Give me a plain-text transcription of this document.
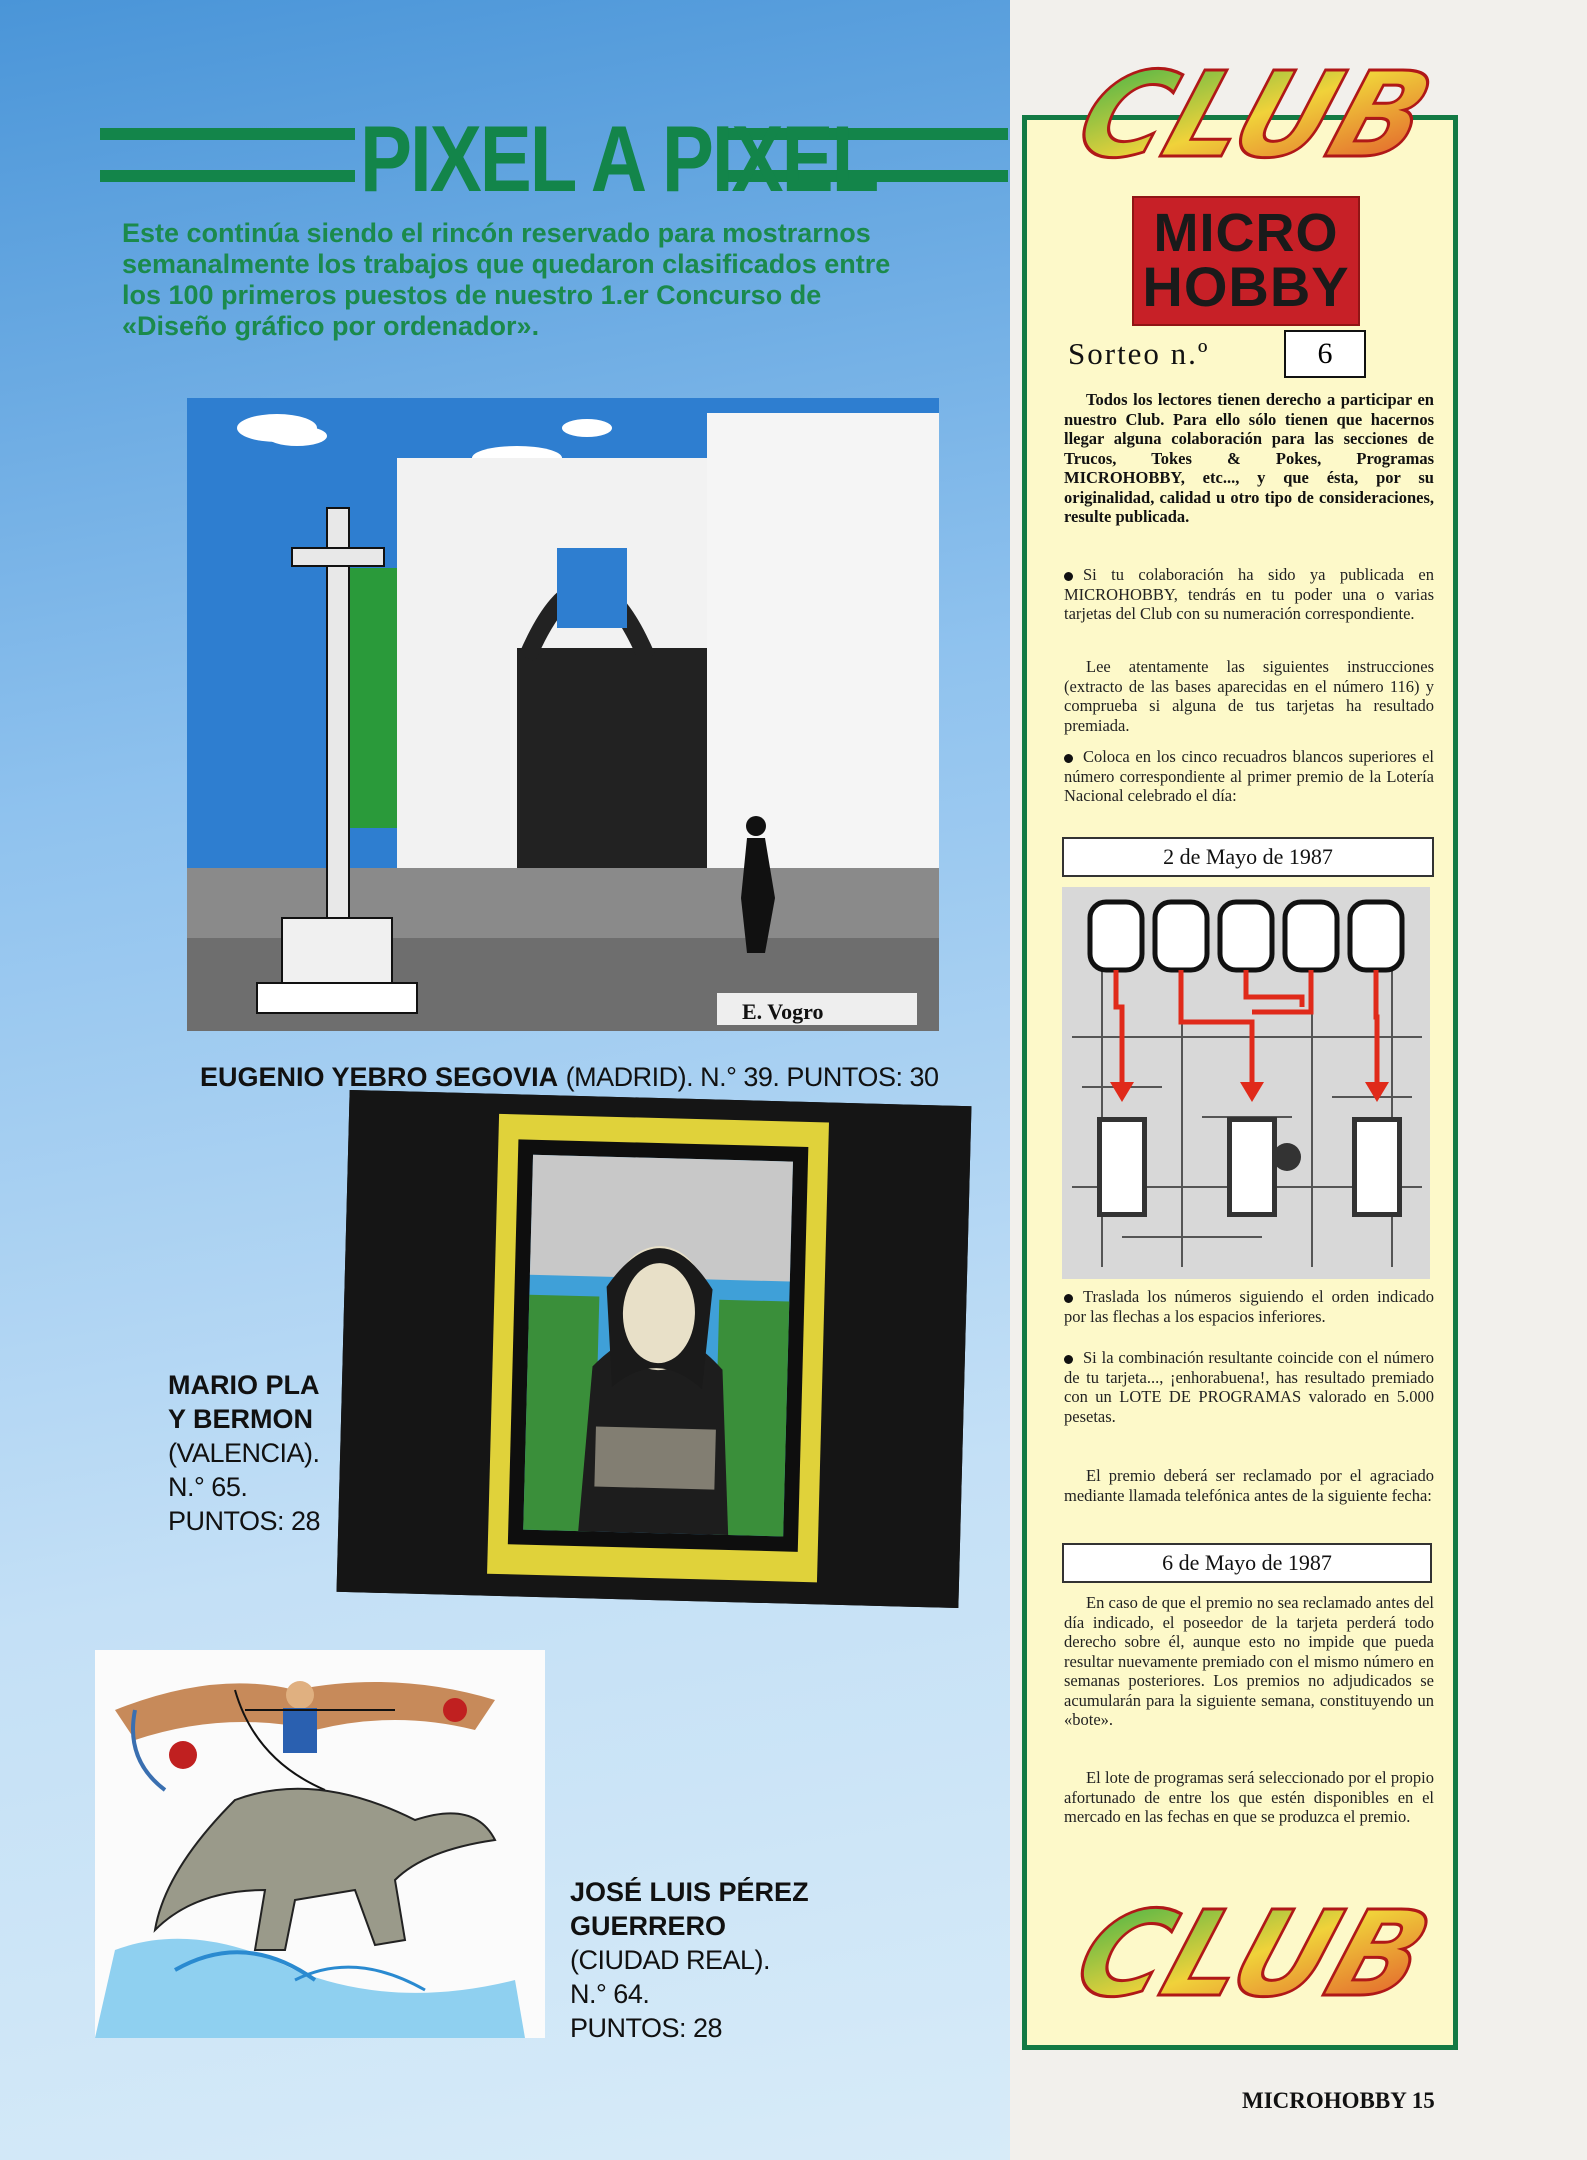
PIXEL A PIXEL
Este continúa siendo el rincón reservado para mostrarnos semanalmente los trabajos que quedaron clasificados entre los 100 primeros puestos de nuestro 1.er Concurso de «Diseño gráfico por ordenador».
E. Vogro
EUGENIO YEBRO SEGOVIA (MADRID). N.° 39. PUNTOS: 30
MARIO PLA
Y BERMON
(VALENCIA).
N.° 65.
PUNTOS: 28
JOSÉ LUIS PÉREZ
GUERRERO
(CIUDAD REAL).
N.° 64.
PUNTOS: 28
CLUB
MICRO
HOBBY
Sorteo n.º	6
Todos los lectores tienen derecho a participar en nuestro Club. Para ello sólo tienen que hacernos llegar alguna colaboración para las secciones de Trucos, Tokes & Pokes, Programas MICROHOBBY, etc..., y que ésta, por su originalidad, calidad u otro tipo de consideraciones, resulte publicada.
Si tu colaboración ha sido ya publicada en MICROHOBBY, tendrás en tu poder una o varias tarjetas del Club con su numeración correspondiente.
Lee atentamente las siguientes instrucciones (extracto de las bases aparecidas en el número 116) y comprueba si alguna de tus tarjetas ha resultado premiada.
Coloca en los cinco recuadros blancos superiores el número correspondiente al primer premio de la Lotería Nacional celebrado el día:
2 de Mayo de 1987
Traslada los números siguiendo el orden indicado por las flechas a los espacios inferiores.
Si la combinación resultante coincide con el número de tu tarjeta..., ¡enhorabuena!, has resultado premiado con un LOTE DE PROGRAMAS valorado en 5.000 pesetas.
El premio deberá ser reclamado por el agraciado mediante llamada telefónica antes de la siguiente fecha:
6 de Mayo de 1987
En caso de que el premio no sea reclamado antes del día indicado, el poseedor de la tarjeta perderá todo derecho sobre él, aunque esto no impide que pueda resultar nuevamente premiado con el mismo número en semanas posteriores. Los premios no adjudicados se acumularán para la siguiente semana, constituyendo un «bote».
El lote de programas será seleccionado por el propio afortunado de entre los que estén disponibles en el mercado en las fechas en que se produzca el premio.
CLUB
MICROHOBBY 15
